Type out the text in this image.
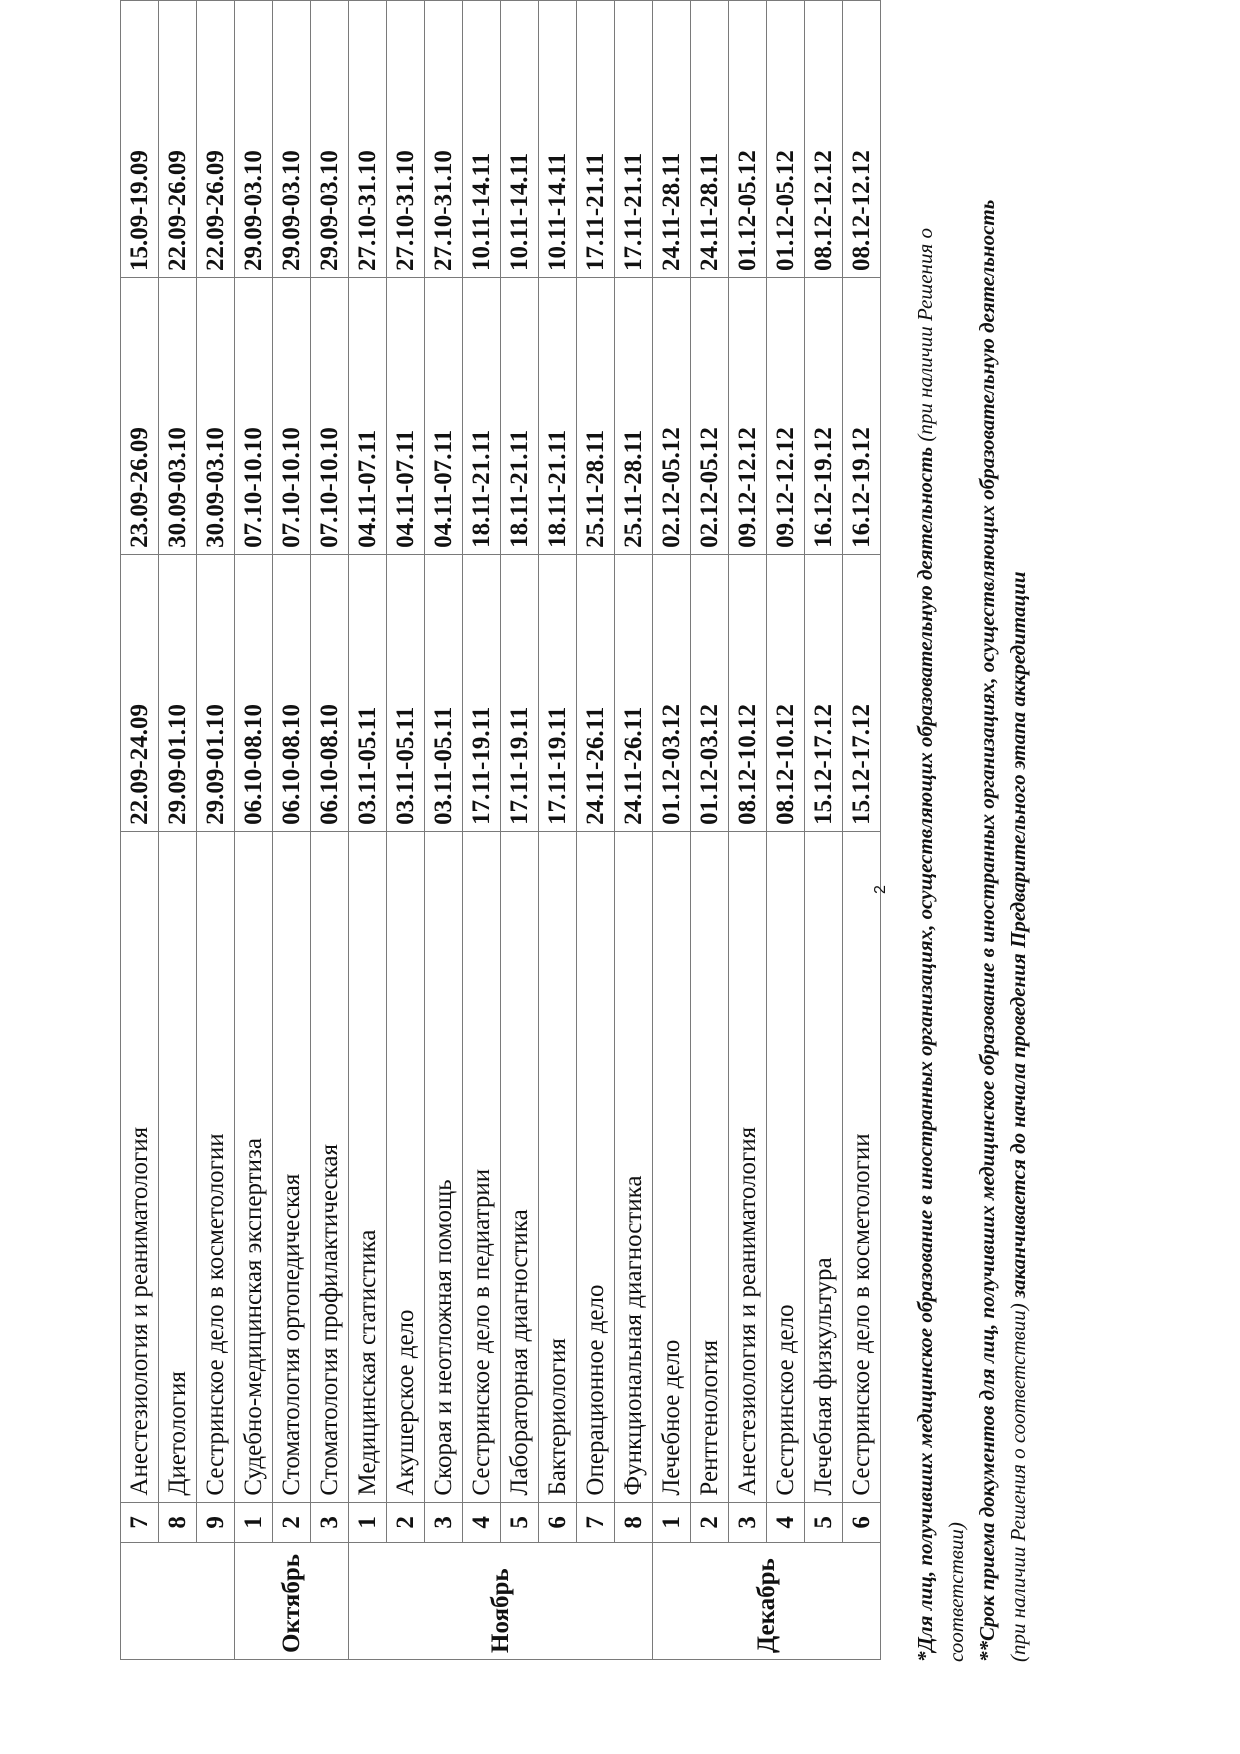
	7	Анестезиология и реаниматология	22.09-24.09	23.09-26.09	15.09-19.09
	8	Диетология	29.09-01.10	30.09-03.10	22.09-26.09
	9	Сестринское дело в косметологии	29.09-01.10	30.09-03.10	22.09-26.09
Октябрь	1	Судебно-медицинская экспертиза	06.10-08.10	07.10-10.10	29.09-03.10
	2	Стоматология ортопедическая	06.10-08.10	07.10-10.10	29.09-03.10
	3	Стоматология профилактическая	06.10-08.10	07.10-10.10	29.09-03.10
Ноябрь	1	Медицинская статистика	03.11-05.11	04.11-07.11	27.10-31.10
	2	Акушерское дело	03.11-05.11	04.11-07.11	27.10-31.10
	3	Скорая и неотложная помощь	03.11-05.11	04.11-07.11	27.10-31.10
	4	Сестринское дело в педиатрии	17.11-19.11	18.11-21.11	10.11-14.11
	5	Лабораторная диагностика	17.11-19.11	18.11-21.11	10.11-14.11
	6	Бактериология	17.11-19.11	18.11-21.11	10.11-14.11
	7	Операционное дело	24.11-26.11	25.11-28.11	17.11-21.11
	8	Функциональная диагностика	24.11-26.11	25.11-28.11	17.11-21.11
Декабрь	1	Лечебное дело	01.12-03.12	02.12-05.12	24.11-28.11
	2	Рентгенология	01.12-03.12	02.12-05.12	24.11-28.11
	3	Анестезиология и реаниматология	08.12-10.12	09.12-12.12	01.12-05.12
	4	Сестринское дело	08.12-10.12	09.12-12.12	01.12-05.12
	5	Лечебная физкультура	15.12-17.12	16.12-19.12	08.12-12.12
	6	Сестринское дело в косметологии	15.12-17.12	16.12-19.12	08.12-12.12

*Для лиц, получивших медицинское образование в иностранных организациях, осуществляющих образовательную деятельность (при наличии Решения о соответствии) **Срок приема документов для лиц, получивших медицинское образование в иностранных организациях, осуществляющих образовательную деятельность (при наличии Решения о соответствии) заканчивается до начала проведения Предварительного этапа аккредитации

2
